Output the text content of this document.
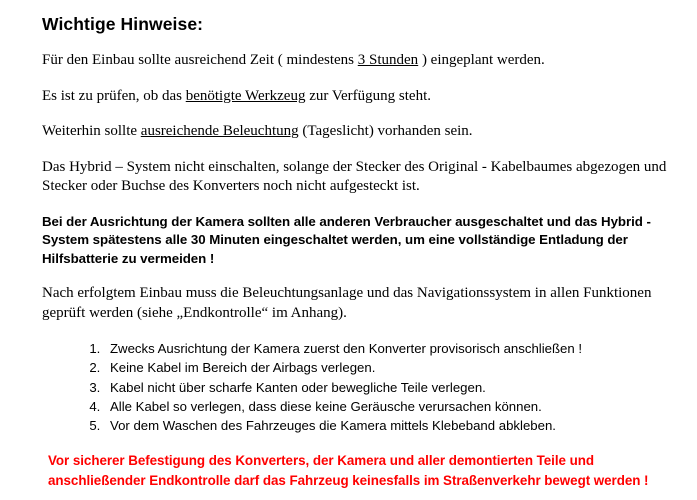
Wichtige Hinweise:

Für den Einbau sollte ausreichend Zeit ( mindestens 3 Stunden ) eingeplant werden.

Es ist zu prüfen, ob das benötigte Werkzeug zur Verfügung steht.

Weiterhin sollte ausreichende Beleuchtung (Tageslicht) vorhanden sein.

Das Hybrid – System nicht einschalten, solange der Stecker des Original - Kabelbaumes abgezogen und Stecker oder Buchse des Konverters noch nicht aufgesteckt ist.

Bei der Ausrichtung der Kamera sollten alle anderen Verbraucher ausgeschaltet und das Hybrid - System spätestens alle 30 Minuten eingeschaltet werden, um eine vollständige Entladung der Hilfsbatterie zu vermeiden !

Nach erfolgtem Einbau muss die Beleuchtungsanlage und das Navigationssystem in allen Funktionen geprüft werden (siehe „Endkontrolle“ im Anhang).

1. Zwecks Ausrichtung der Kamera zuerst den Konverter provisorisch anschließen !
2. Keine Kabel im Bereich der Airbags verlegen.
3. Kabel nicht über scharfe Kanten oder bewegliche Teile verlegen.
4. Alle Kabel so verlegen, dass diese keine Geräusche verursachen können.
5. Vor dem Waschen des Fahrzeuges die Kamera mittels Klebeband abkleben.

Vor sicherer Befestigung des Konverters, der Kamera und aller demontierten Teile und anschließender Endkontrolle darf das Fahrzeug keinesfalls im Straßenverkehr bewegt werden !
